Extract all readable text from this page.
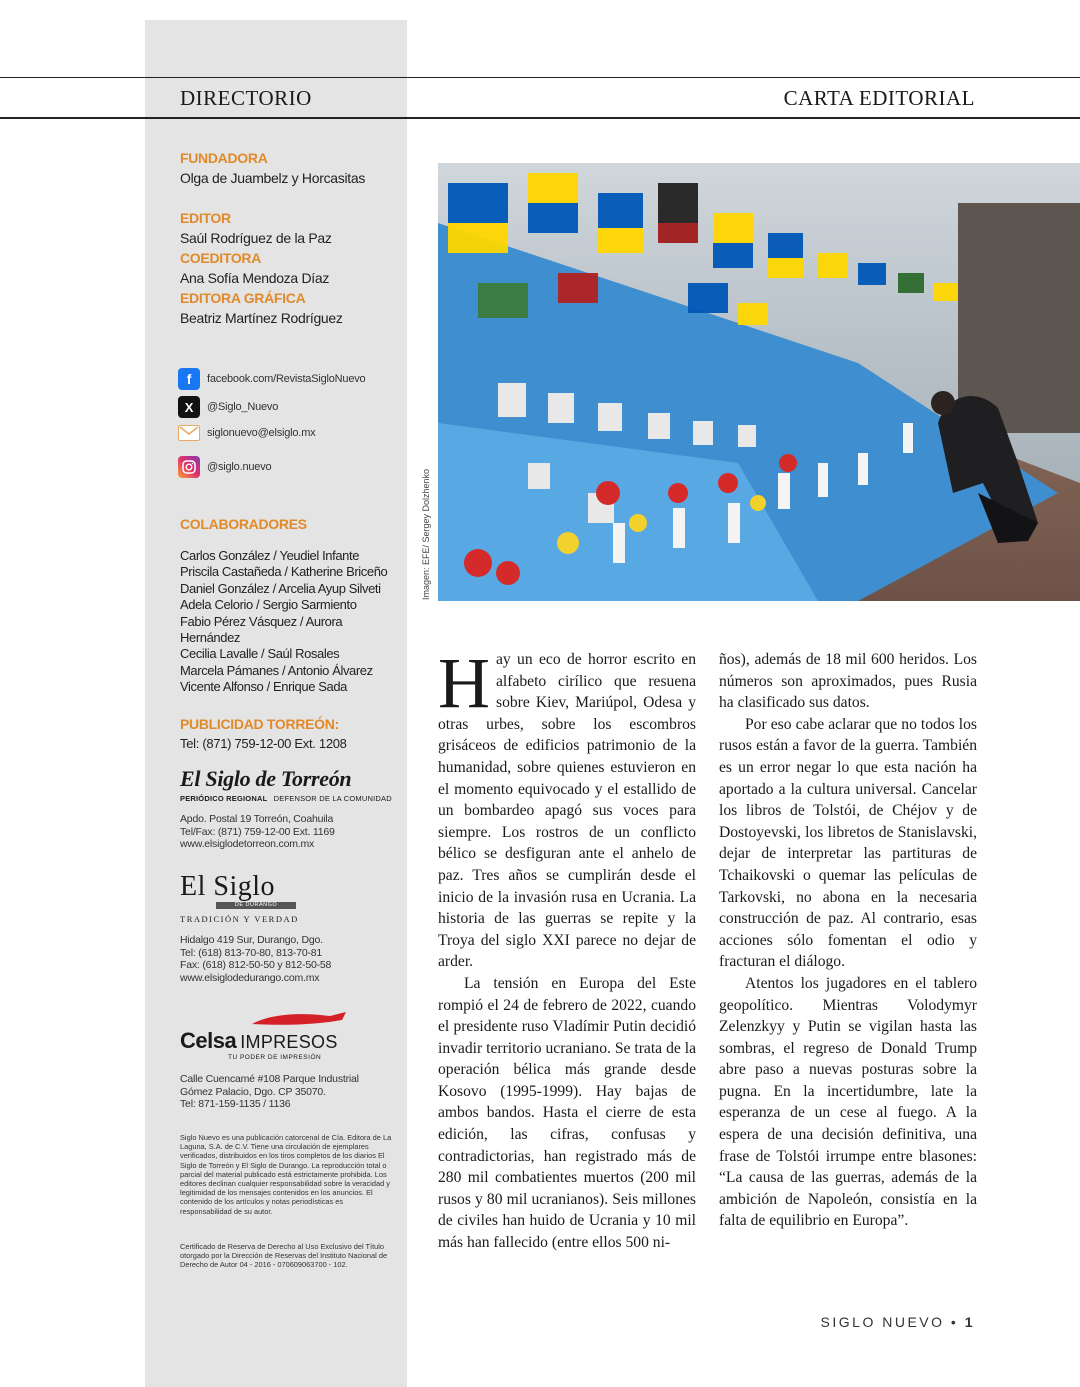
DIRECTORIO	CARTA EDITORIAL
FUNDADORA
Olga de Juambelz y Horcasitas
EDITOR
Saúl Rodríguez de la Paz
COEDITORA
Ana Sofía Mendoza Díaz
EDITORA GRÁFICA
Beatriz Martínez Rodríguez
f	facebook.com/RevistaSigloNuevo
X	@Siglo_Nuevo
siglonuevo@elsiglo.mx
@siglo.nuevo
COLABORADORES
Carlos González / Yeudiel Infante
Priscila Castañeda / Katherine Briceño
Daniel González / Arcelia Ayup Silveti
Adela Celorio / Sergio Sarmiento
Fabio Pérez Vásquez / Aurora Hernández
Cecilia Lavalle / Saúl Rosales
Marcela Pámanes / Antonio Álvarez
Vicente Alfonso / Enrique Sada
PUBLICIDAD TORREÓN:
Tel: (871) 759-12-00 Ext. 1208
El Siglo de Torreón
PERIÓDICO REGIONAL DEFENSOR DE LA COMUNIDAD
Apdo. Postal 19 Torreón, Coahuila
Tel/Fax: (871) 759-12-00 Ext. 1169
www.elsiglodetorreon.com.mx
El Siglo
DE DURANGO
TRADICIÓN Y VERDAD
Hidalgo 419 Sur, Durango, Dgo.
Tel: (618) 813-70-80, 813-70-81
Fax: (618) 812-50-50 y 812-50-58
www.elsiglodedurango.com.mx
Celsa IMPRESOS
TU PODER DE IMPRESIÓN
Calle Cuencamé #108 Parque Industrial
Gómez Palacio, Dgo. CP 35070.
Tel: 871-159-1135 / 1136
Siglo Nuevo es una publicación catorcenal de Cía. Editora de La Laguna, S.A. de C.V. Tiene una circulación de ejemplares verificados, distribuidos en los tiros completos de los diarios El Siglo de Torreón y El Siglo de Durango. La reproducción total o parcial del material publicado está estrictamente prohibida. Los editores declinan cualquier responsabilidad sobre la veracidad y legitimidad de los mensajes contenidos en los anuncios. El contenido de los artículos y notas periodísticas es responsabilidad de su autor.
Certificado de Reserva de Derecho al Uso Exclusivo del Título otorgado por la Dirección de Reservas del Instituto Nacional de Derecho de Autor 04 - 2016 - 070609063700 - 102.
Imagen: EFE/ Sergey Dolzhenko

Hay un eco de horror escrito en alfabeto cirílico que resuena sobre Kiev, Mariúpol, Odesa y otras urbes, sobre los escombros grisáceos de edificios patrimonio de la humanidad, sobre quienes estuvieron en el momento equivocado y el estallido de un bombardeo apagó sus voces para siempre. Los rostros de un conflicto bélico se desfiguran ante el anhelo de paz. Tres años se cumplirán desde el inicio de la invasión rusa en Ucrania. La historia de las guerras se repite y la Troya del siglo XXI parece no dejar de arder.

La tensión en Europa del Este rompió el 24 de febrero de 2022, cuando el presidente ruso Vladímir Putin decidió invadir territorio ucraniano. Se trata de la operación bélica más grande desde Kosovo (1995-1999). Hay bajas de ambos bandos. Hasta el cierre de esta edición, las cifras, confusas y contradictorias, han registrado más de 280 mil combatientes muertos (200 mil rusos y 80 mil ucranianos). Seis millones de civiles han huido de Ucrania y 10 mil más han fallecido (entre ellos 500 ni-

ños), además de 18 mil 600 heridos. Los números son aproximados, pues Rusia ha clasificado sus datos.

Por eso cabe aclarar que no todos los rusos están a favor de la guerra. También es un error negar lo que esta nación ha aportado a la cultura universal. Cancelar los libros de Tolstói, de Chéjov y de Dostoyevski, los libretos de Stanislavski, dejar de interpretar las partituras de Tchaikovski o quemar las películas de Tarkovski, no abona en la necesaria construcción de paz. Al contrario, esas acciones sólo fomentan el odio y fracturan el diálogo.

Atentos los jugadores en el tablero geopolítico. Mientras Volodymyr Zelenzkyy y Putin se vigilan hasta las sombras, el regreso de Donald Trump abre paso a nuevas posturas sobre la pugna. En la incertidumbre, late la esperanza de un cese al fuego. A la espera de una decisión definitiva, una frase de Tolstói irrumpe entre blasones: “La causa de las guerras, además de la ambición de Napoleón, consistía en la falta de equilibrio en Europa”.

SIGLO NUEVO • 1
